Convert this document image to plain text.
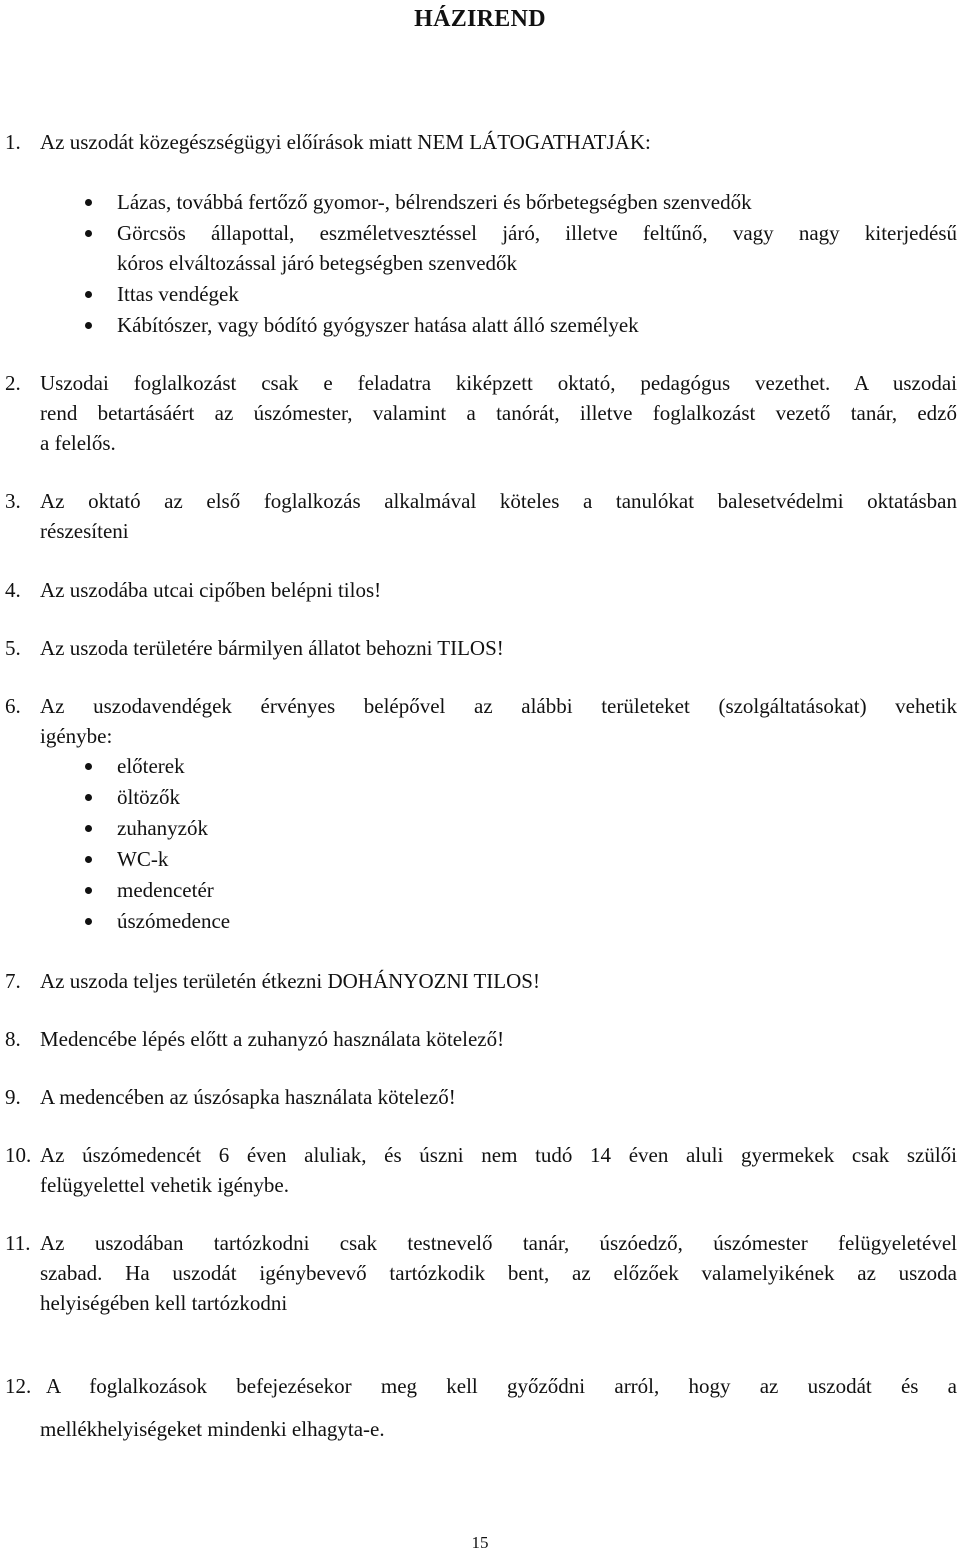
HÁZIREND
1. Az uszodát közegészségügyi előírások miatt NEM LÁTOGATHATJÁK:
Lázas, továbbá fertőző gyomor-, bélrendszeri és bőrbetegségben szenvedők
Görcsös állapottal, eszméletvesztéssel járó, illetve feltűnő, vagy nagy kiterjedésű
kóros elváltozással járó betegségben szenvedők
Ittas vendégek
Kábítószer, vagy bódító gyógyszer hatása alatt álló személyek
2. Uszodai foglalkozást csak e feladatra kiképzett oktató, pedagógus vezethet. A uszodai
rend betartásáért az úszómester, valamint a tanórát, illetve foglalkozást vezető tanár, edző
a felelős.
3. Az oktató az első foglalkozás alkalmával köteles a tanulókat balesetvédelmi oktatásban
részesíteni
4. Az uszodába utcai cipőben belépni tilos!
5. Az uszoda területére bármilyen állatot behozni TILOS!
6. Az uszodavendégek érvényes belépővel az alábbi területeket (szolgáltatásokat) vehetik
igénybe:
előterek
öltözők
zuhanyzók
WC-k
medencetér
úszómedence
7. Az uszoda teljes területén étkezni DOHÁNYOZNI TILOS!
8. Medencébe lépés előtt a zuhanyzó használata kötelező!
9. A medencében az úszósapka használata kötelező!
10. Az úszómedencét 6 éven aluliak, és úszni nem tudó 14 éven aluli gyermekek csak szülői
felügyelettel vehetik igénybe.
11. Az uszodában tartózkodni csak testnevelő tanár, úszóedző, úszómester felügyeletével
szabad. Ha uszodát igénybevevő tartózkodik bent, az előzőek valamelyikének az uszoda
helyiségében kell tartózkodni
12. A foglalkozások befejezésekor meg kell győződni arról, hogy az uszodát és a
mellékhelyiségeket mindenki elhagyta-e.
15
